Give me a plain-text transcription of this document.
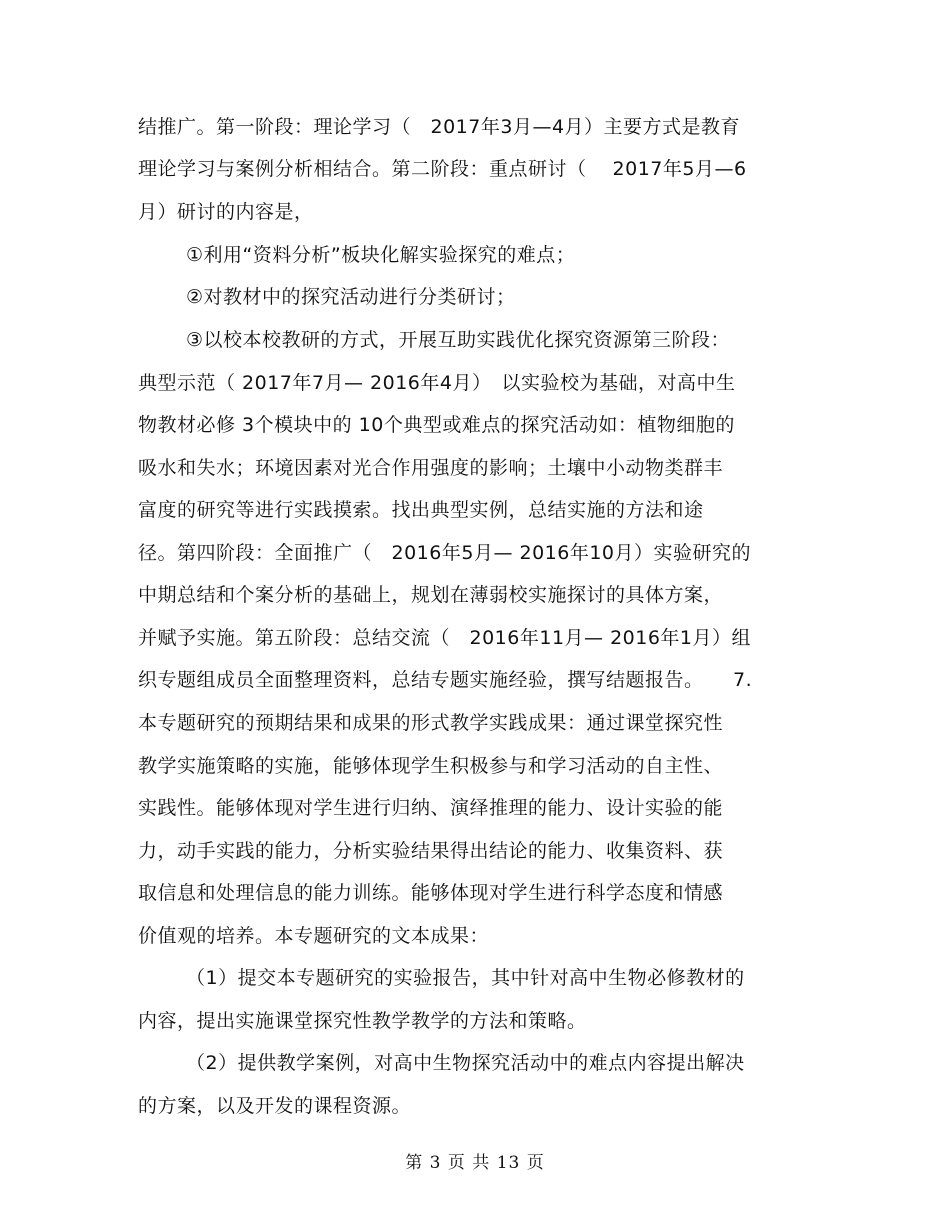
结推广。第一阶段：理论学习（　2017年3月—4月）主要方式是教育
理论学习与案例分析相结合。第二阶段：重点研讨（　 2017年5月—6
月）研讨的内容是，
①利用“资料分析”板块化解实验探究的难点；
②对教材中的探究活动进行分类研讨；
③以校本校教研的方式，开展互助实践优化探究资源第三阶段：
典型示范（ 2017年7月— 2016年4月）　以实验校为基础，对高中生
物教材必修 3个模块中的 10个典型或难点的探究活动如：植物细胞的
吸水和失水；环境因素对光合作用强度的影响；土壤中小动物类群丰
富度的研究等进行实践摸索。找出典型实例，总结实施的方法和途
径。第四阶段：全面推广（　2016年5月— 2016年10月）实验研究的
中期总结和个案分析的基础上，规划在薄弱校实施探讨的具体方案，
并赋予实施。第五阶段：总结交流（　2016年11月— 2016年1月）组
织专题组成员全面整理资料，总结专题实施经验，撰写结题报告。　　7.
本专题研究的预期结果和成果的形式教学实践成果：通过课堂探究性
教学实施策略的实施，能够体现学生积极参与和学习活动的自主性、
实践性。能够体现对学生进行归纳、演绎推理的能力、设计实验的能
力，动手实践的能力，分析实验结果得出结论的能力、收集资料、获
取信息和处理信息的能力训练。能够体现对学生进行科学态度和情感
价值观的培养。本专题研究的文本成果：
（1）提交本专题研究的实验报告，其中针对高中生物必修教材的
内容，提出实施课堂探究性教学教学的方法和策略。
（2）提供教学案例，对高中生物探究活动中的难点内容提出解决
的方案，以及开发的课程资源。
第 3 页 共 13 页
